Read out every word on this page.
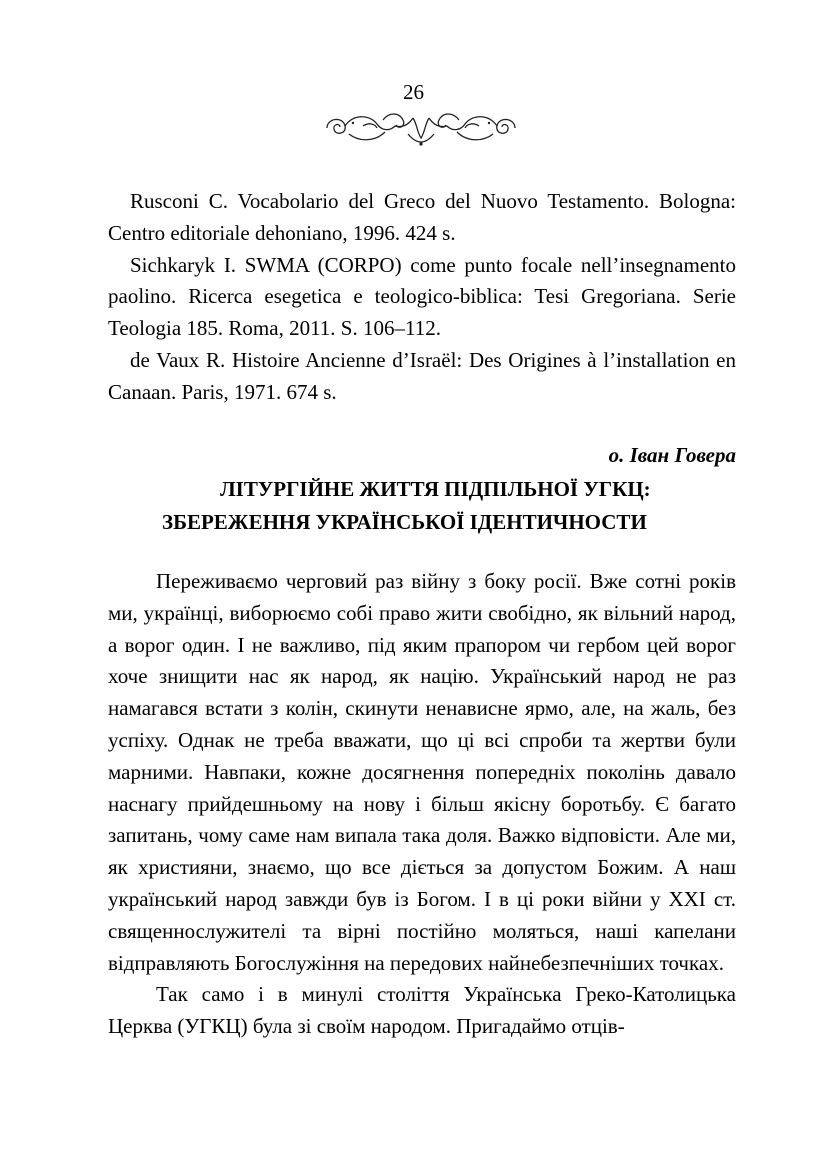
26

Rusconi C. Vocabolario del Greco del Nuovo Testamento. Bologna: Centro editoriale dehoniano, 1996. 424 s.

Sichkaryk I. SWMA (CORPO) come punto focale nell’insegnamento paolino. Ricerca esegetica e teologico-biblica: Tesi Gregoriana. Serie Teologia 185. Roma, 2011. S. 106–112.

de Vaux R. Histoire Ancienne d’Israël: Des Origines à l’installation en Canaan. Paris, 1971. 674 s.

о. Іван Говера
ЛІТУРГІЙНЕ ЖИТТЯ ПІДПІЛЬНОЇ УГКЦ:
ЗБЕРЕЖЕННЯ УКРАЇНСЬКОЇ ІДЕНТИЧНОСТИ

Переживаємо черговий раз війну з боку росії. Вже сотні років ми, українці, виборюємо собі право жити свобідно, як вільний народ, а ворог один. І не важливо, під яким прапором чи гербом цей ворог хоче знищити нас як народ, як націю. Український народ не раз намагався встати з колін, скинути ненависне ярмо, але, на жаль, без успіху. Однак не треба вважати, що ці всі спроби та жертви були марними. Навпаки, кожне досягнення попередніх поколінь давало наснагу прийдешньому на нову і більш якісну боротьбу. Є багато запитань, чому саме нам випала така доля. Важко відповісти. Але ми, як християни, знаємо, що все діється за допустом Божим. А наш український народ завжди був із Богом. І в ці роки війни у ХХІ ст. священнослужителі та вірні постійно моляться, наші капелани відправляють Богослужіння на передових найнебезпечніших точках.

Так само і в минулі століття Українська Греко-Католицька Церква (УГКЦ) була зі своїм народом. Пригадаймо отців-
